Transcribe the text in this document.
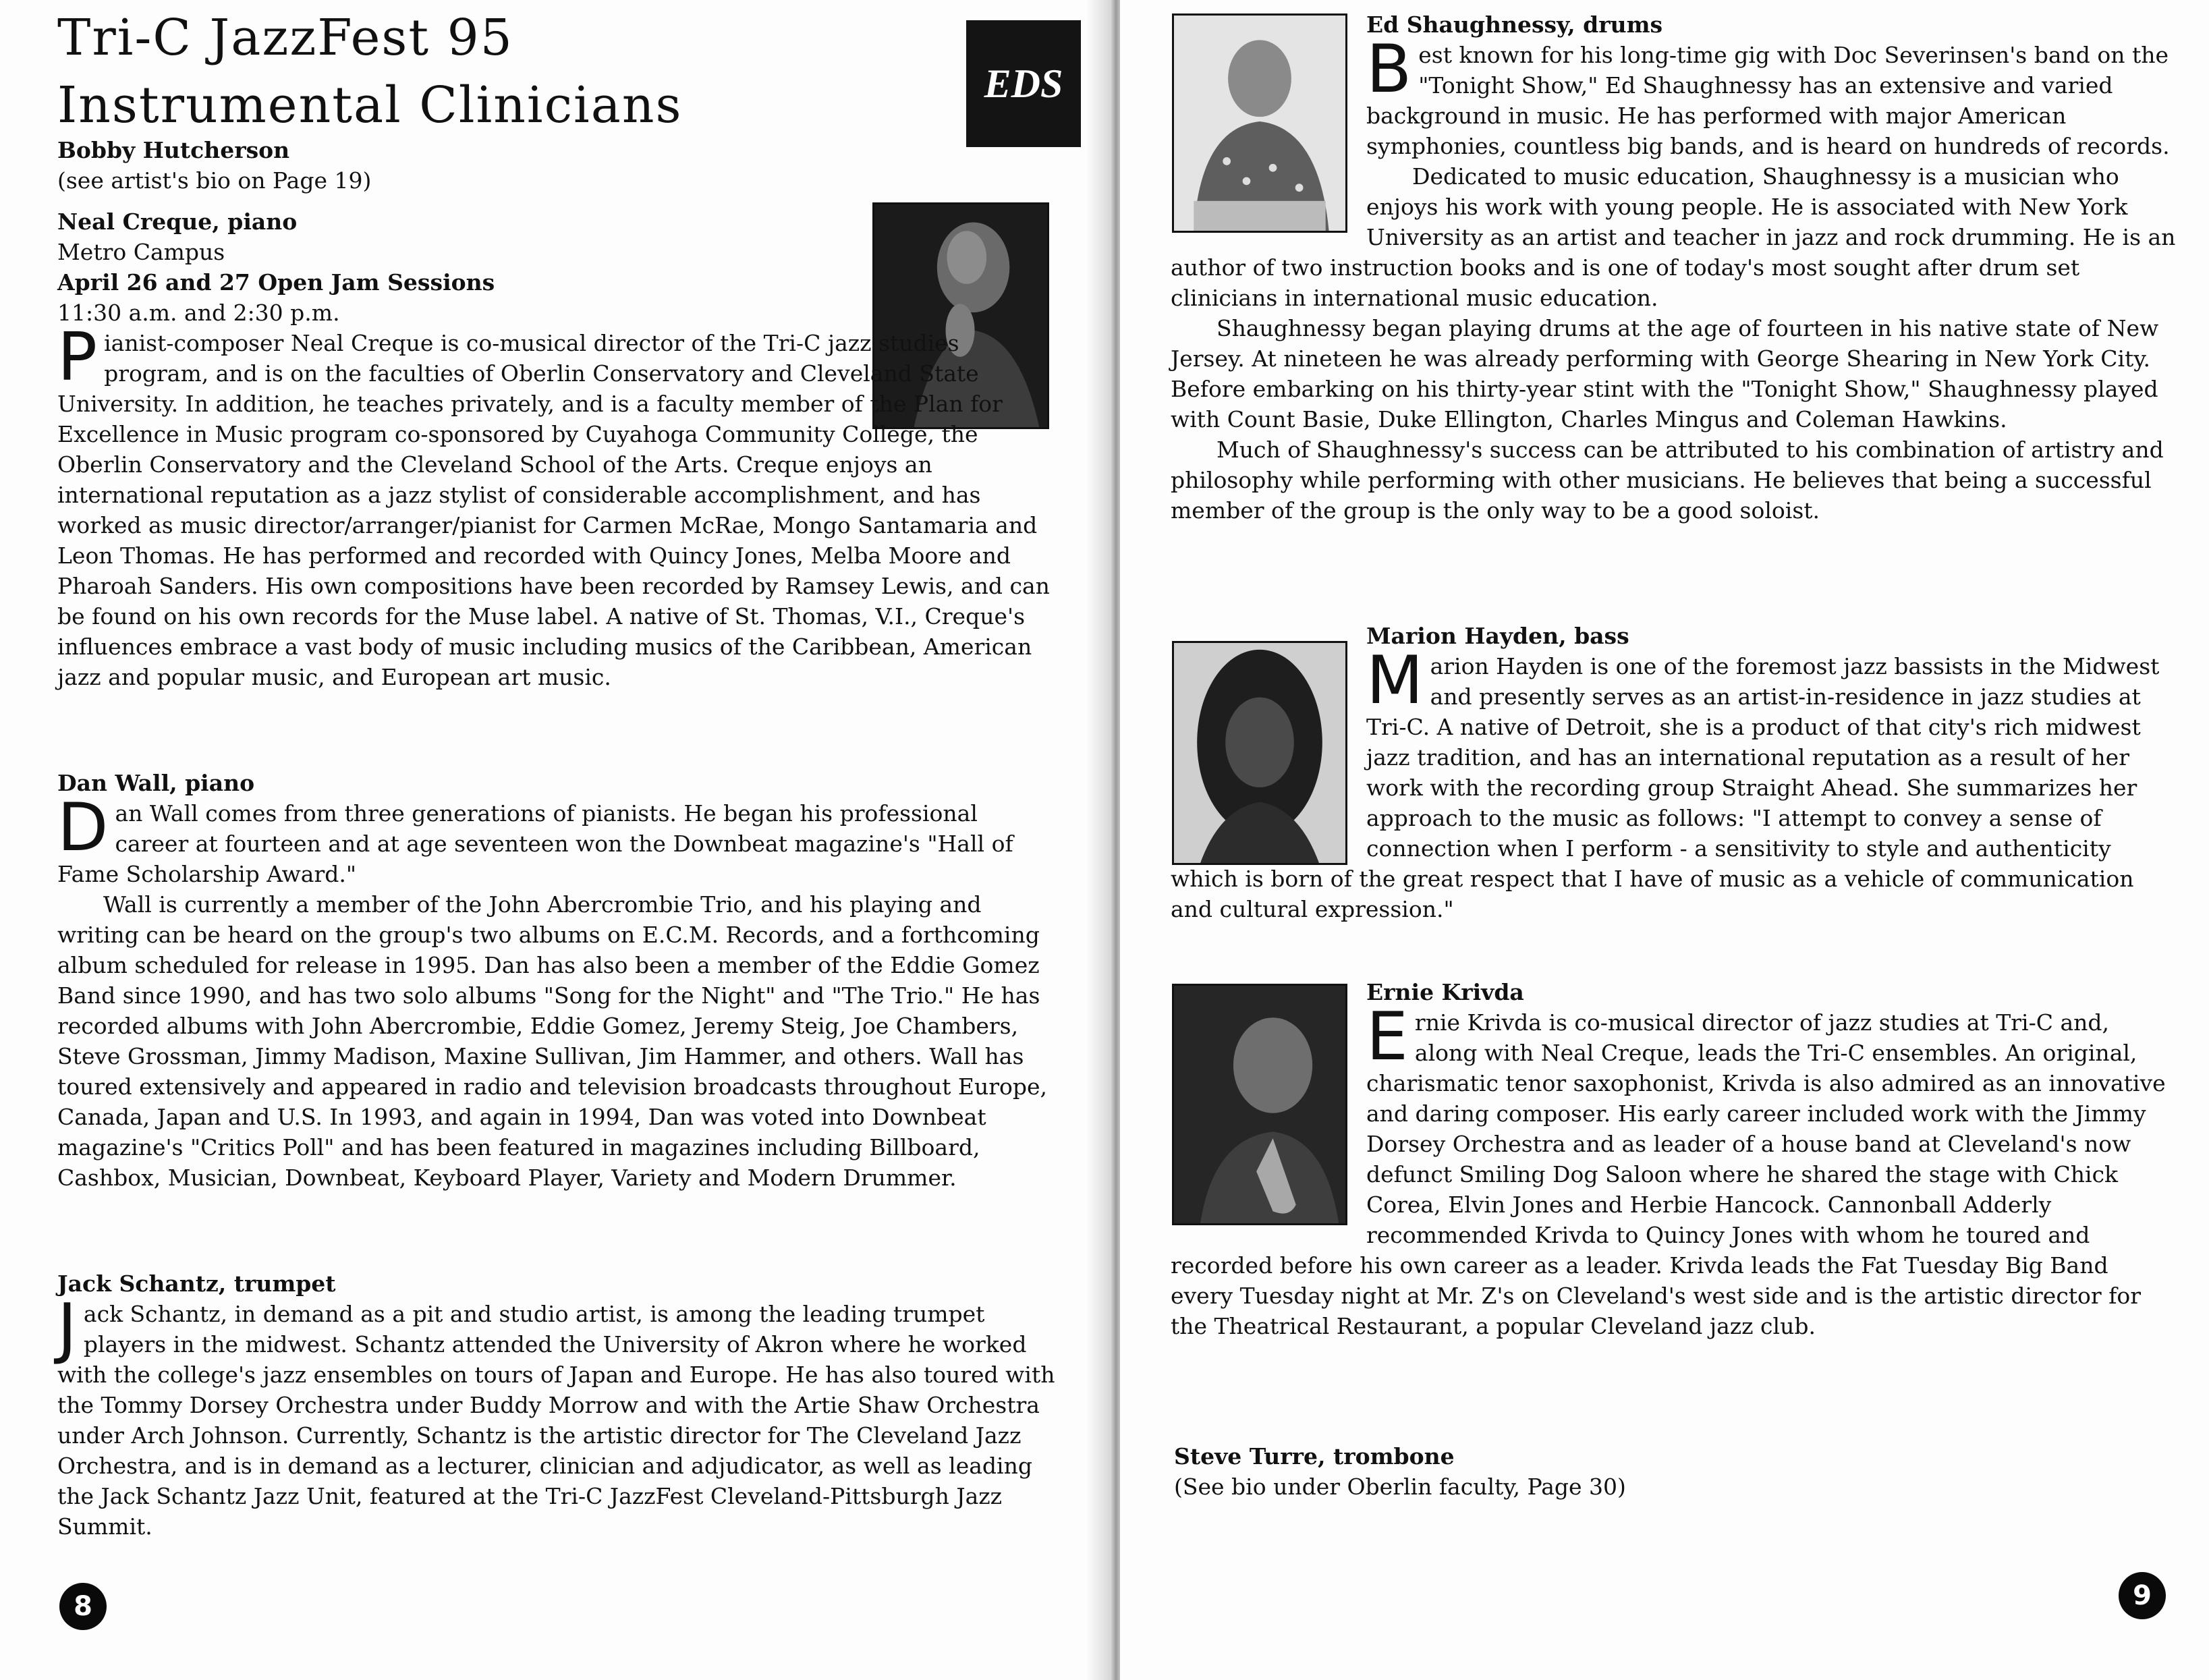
Tri-C JazzFest 95
Instrumental Clinicians	EDS
Bobby Hutcherson
(see artist's bio on Page 19)
Neal Creque, piano
Metro Campus
April 26 and 27 Open Jam Sessions
11:30 a.m. and 2:30 p.m.
P ianist-composer Neal Creque is co-musical director of the Tri-C jazz studies program, and is on the faculties of Oberlin Conservatory and Cleveland State University. In addition, he teaches privately, and is a faculty member of the Plan for Excellence in Music program co-sponsored by Cuyahoga Community College, the Oberlin Conservatory and the Cleveland School of the Arts. Creque enjoys an international reputation as a jazz stylist of considerable accomplishment, and has worked as music director/arranger/pianist for Carmen McRae, Mongo Santamaria and Leon Thomas. He has performed and recorded with Quincy Jones, Melba Moore and Pharoah Sanders. His own compositions have been recorded by Ramsey Lewis, and can be found on his own records for the Muse label. A native of St. Thomas, V.I., Creque's influences embrace a vast body of music including musics of the Caribbean, American jazz and popular music, and European art music.

Dan Wall, piano
D an Wall comes from three generations of pianists. He began his professional career at fourteen and at age seventeen won the Downbeat magazine's "Hall of Fame Scholarship Award."

Wall is currently a member of the John Abercrombie Trio, and his playing and writing can be heard on the group's two albums on E.C.M. Records, and a forthcoming album scheduled for release in 1995. Dan has also been a member of the Eddie Gomez Band since 1990, and has two solo albums "Song for the Night" and "The Trio." He has recorded albums with John Abercrombie, Eddie Gomez, Jeremy Steig, Joe Chambers, Steve Grossman, Jimmy Madison, Maxine Sullivan, Jim Hammer, and others. Wall has toured extensively and appeared in radio and television broadcasts throughout Europe, Canada, Japan and U.S. In 1993, and again in 1994, Dan was voted into Downbeat magazine's "Critics Poll" and has been featured in magazines including Billboard, Cashbox, Musician, Downbeat, Keyboard Player, Variety and Modern Drummer.

Jack Schantz, trumpet
J ack Schantz, in demand as a pit and studio artist, is among the leading trumpet players in the midwest. Schantz attended the University of Akron where he worked with the college's jazz ensembles on tours of Japan and Europe. He has also toured with the Tommy Dorsey Orchestra under Buddy Morrow and with the Artie Shaw Orchestra under Arch Johnson. Currently, Schantz is the artistic director for The Cleveland Jazz Orchestra, and is in demand as a lecturer, clinician and adjudicator, as well as leading the Jack Schantz Jazz Unit, featured at the Tri-C JazzFest Cleveland-Pittsburgh Jazz Summit.

8
Ed Shaughnessy, drums
B est known for his long-time gig with Doc Severinsen's band on the "Tonight Show," Ed Shaughnessy has an extensive and varied background in music. He has performed with major American symphonies, countless big bands, and is heard on hundreds of records.

Dedicated to music education, Shaughnessy is a musician who enjoys his work with young people. He is associated with New York University as an artist and teacher in jazz and rock drumming. He is an author of two instruction books and is one of today's most sought after drum set clinicians in international music education.

Shaughnessy began playing drums at the age of fourteen in his native state of New Jersey. At nineteen he was already performing with George Shearing in New York City. Before embarking on his thirty-year stint with the "Tonight Show," Shaughnessy played with Count Basie, Duke Ellington, Charles Mingus and Coleman Hawkins.

Much of Shaughnessy's success can be attributed to his combination of artistry and philosophy while performing with other musicians. He believes that being a successful member of the group is the only way to be a good soloist.

Marion Hayden, bass
M arion Hayden is one of the foremost jazz bassists in the Midwest and presently serves as an artist-in-residence in jazz studies at Tri-C. A native of Detroit, she is a product of that city's rich midwest jazz tradition, and has an international reputation as a result of her work with the recording group Straight Ahead. She summarizes her approach to the music as follows: "I attempt to convey a sense of connection when I perform - a sensitivity to style and authenticity which is born of the great respect that I have of music as a vehicle of communication and cultural expression."

Ernie Krivda
E rnie Krivda is co-musical director of jazz studies at Tri-C and, along with Neal Creque, leads the Tri-C ensembles. An original, charismatic tenor saxophonist, Krivda is also admired as an innovative and daring composer. His early career included work with the Jimmy Dorsey Orchestra and as leader of a house band at Cleveland's now defunct Smiling Dog Saloon where he shared the stage with Chick Corea, Elvin Jones and Herbie Hancock. Cannonball Adderly recommended Krivda to Quincy Jones with whom he toured and recorded before his own career as a leader. Krivda leads the Fat Tuesday Big Band every Tuesday night at Mr. Z's on Cleveland's west side and is the artistic director for the Theatrical Restaurant, a popular Cleveland jazz club.

Steve Turre, trombone
(See bio under Oberlin faculty, Page 30)
9
